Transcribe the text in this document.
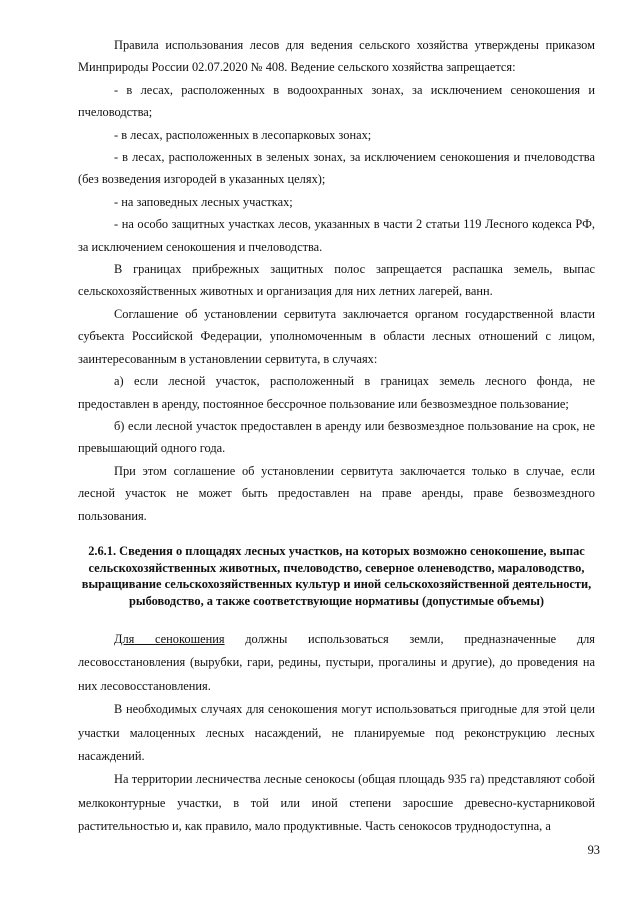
Правила использования лесов для ведения сельского хозяйства утверждены приказом Минприроды России 02.07.2020 № 408. Ведение сельского хозяйства запрещается:

- в лесах, расположенных в водоохранных зонах, за исключением сенокошения и пчеловодства;

- в лесах, расположенных в лесопарковых зонах;

- в лесах, расположенных в зеленых зонах, за исключением сенокошения и пчеловодства (без возведения изгородей в указанных целях);

- на заповедных лесных участках;

- на особо защитных участках лесов, указанных в части 2 статьи 119 Лесного кодекса РФ, за исключением сенокошения и пчеловодства.

В границах прибрежных защитных полос запрещается распашка земель, выпас сельскохозяйственных животных и организация для них летних лагерей, ванн.

Соглашение об установлении сервитута заключается органом государственной власти субъекта Российской Федерации, уполномоченным в области лесных отношений с лицом, заинтересованным в установлении сервитута, в случаях:

а) если лесной участок, расположенный в границах земель лесного фонда, не предоставлен в аренду, постоянное бессрочное пользование или безвозмездное пользование;

б) если лесной участок предоставлен в аренду или безвозмездное пользование на срок, не превышающий одного года.

При этом соглашение об установлении сервитута заключается только в случае, если лесной участок не может быть предоставлен на праве аренды, праве безвозмездного пользования.

2.6.1. Сведения о площадях лесных участков, на которых возможно сенокошение, выпас сельскохозяйственных животных, пчеловодство, северное оленеводство, мараловодство, выращивание сельскохозяйственных культур и иной сельскохозяйственной деятельности, рыбоводство, а также соответствующие нормативы (допустимые объемы)

Для сенокошения должны использоваться земли, предназначенные для лесовосстановления (вырубки, гари, редины, пустыри, прогалины и другие), до проведения на них лесовосстановления.

В необходимых случаях для сенокошения могут использоваться пригодные для этой цели участки малоценных лесных насаждений, не планируемые под реконструкцию лесных насаждений.

На территории лесничества лесные сенокосы (общая площадь 935 га) представляют собой мелкоконтурные участки, в той или иной степени заросшие древесно-кустарниковой растительностью и, как правило, мало продуктивные. Часть сенокосов труднодоступна, а

93
